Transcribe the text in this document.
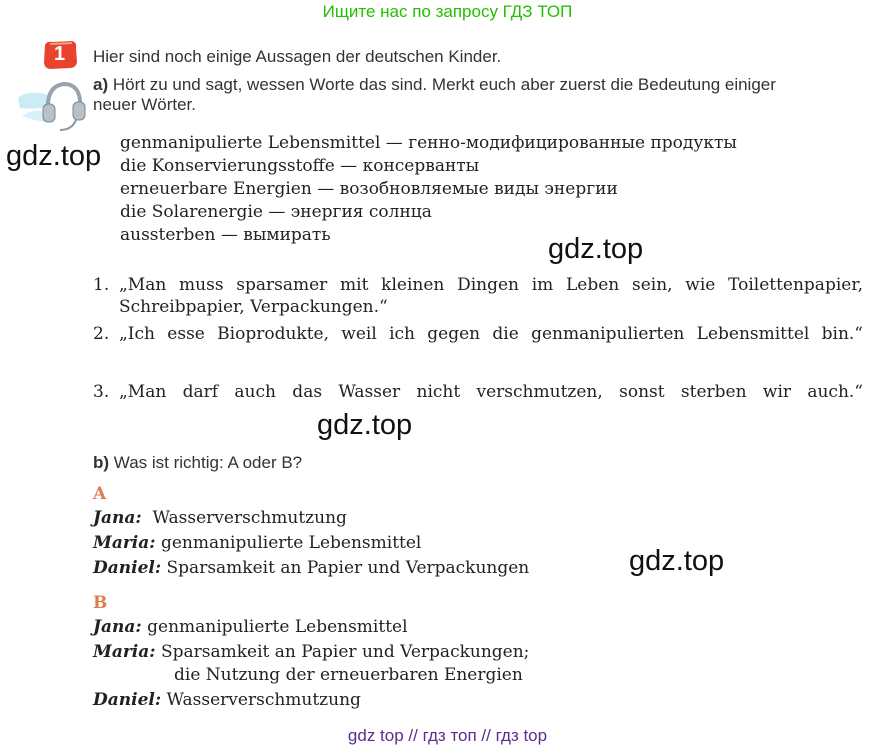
Ищите нас по запросу ГДЗ ТОП
1 Hier sind noch einige Aussagen der deutschen Kinder.
a) Hört zu und sagt, wessen Worte das sind. Merkt euch aber zuerst die Bedeutung einiger
neuer Wörter.
gdz.top genmanipulierte Lebensmittel — генно-модифицированные продукты
die Konservierungsstoffe — консерванты
erneuerbare Energien — возобновляемые виды энергии
die Solarenergie — энергия солнца
aussterben — вымирать	gdz.top
1. „Man muss sparsamer mit kleinen Dingen im Leben sein, wie Toilettenpapier,
Schreibpapier, Verpackungen.“
2. „Ich esse Bioprodukte, weil ich gegen die genmanipulierten Lebensmittel bin.“
3. „Man darf auch das Wasser nicht verschmutzen, sonst sterben wir auch.“
gdz.top
b) Was ist richtig: A oder B?
A
Jana: Wasserverschmutzung
Maria: genmanipulierte Lebensmittel
Daniel: Sparsamkeit an Papier und Verpackungen	gdz.top
B
Jana: genmanipulierte Lebensmittel
Maria: Sparsamkeit an Papier und Verpackungen;
die Nutzung der erneuerbaren Energien
Daniel: Wasserverschmutzung
gdz top // гдз топ // гдз top
